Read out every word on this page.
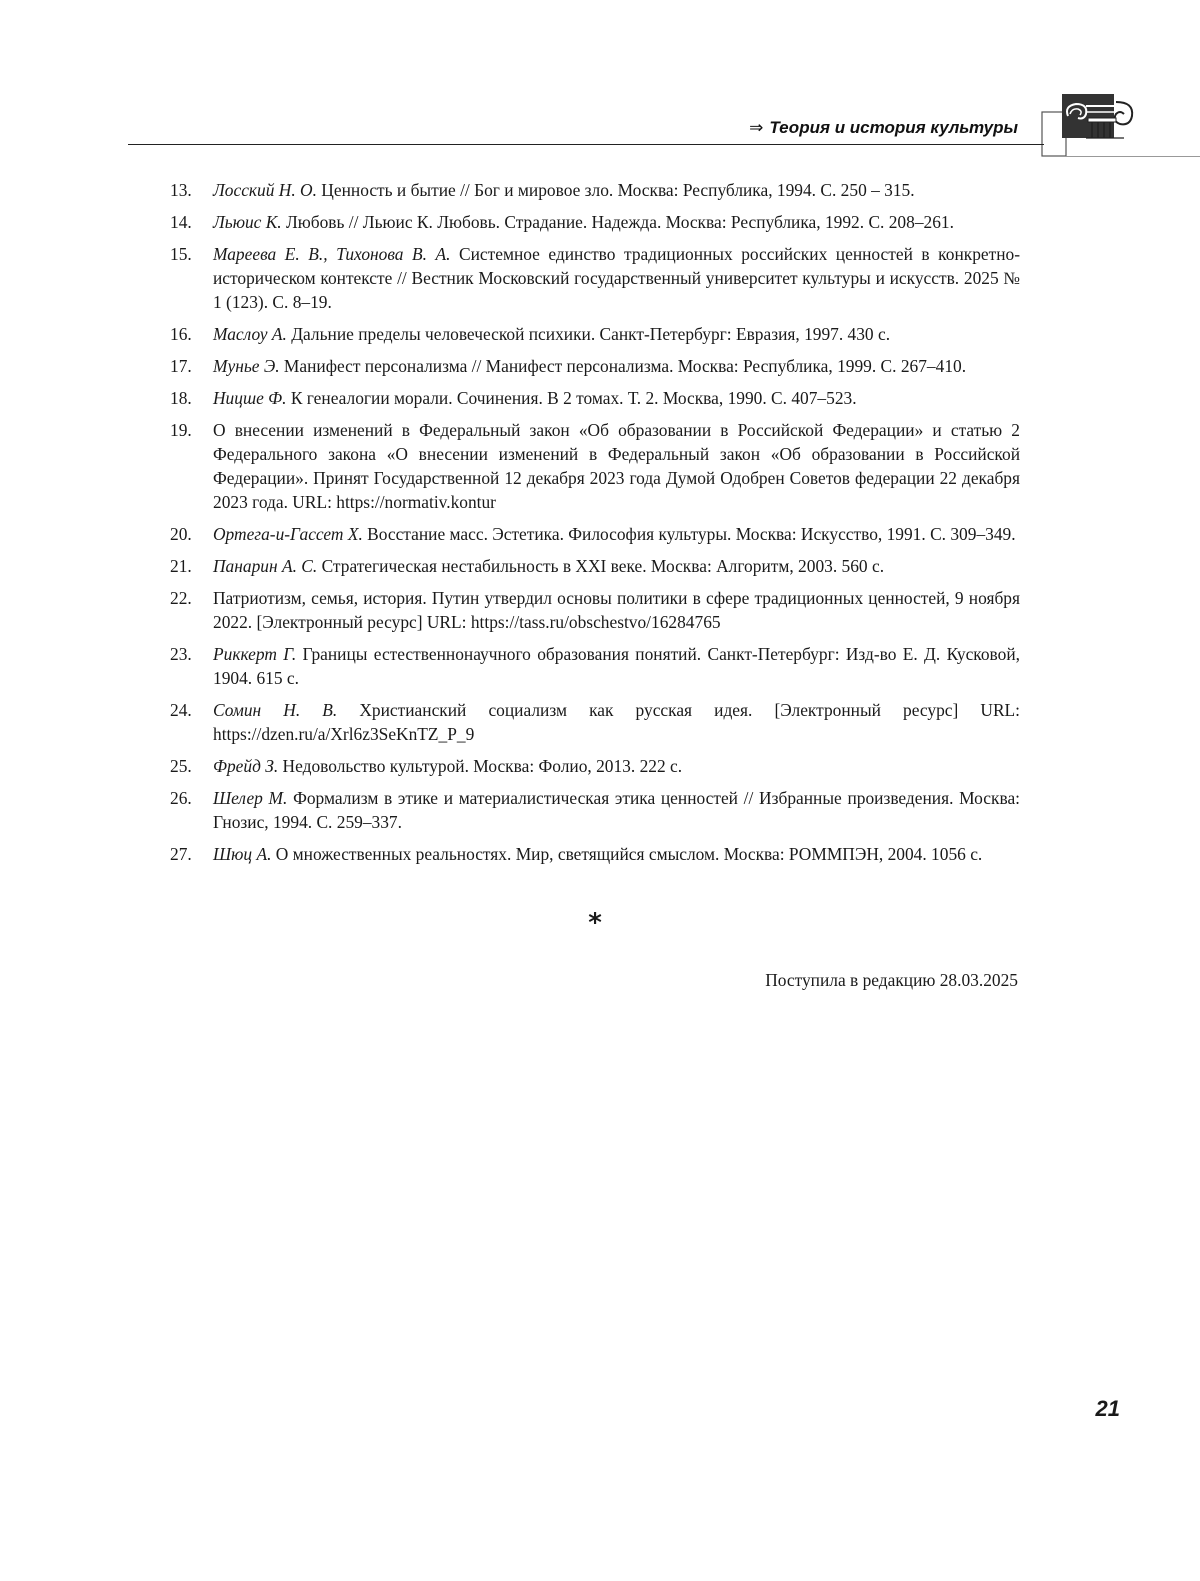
⇒ Теория и история культуры
13.	Лосский Н. О. Ценность и бытие // Бог и мировое зло. Москва: Республика, 1994. С. 250 – 315.
14.	Льюис К. Любовь // Льюис К. Любовь. Страдание. Надежда. Москва: Республика, 1992. С. 208–261.
15.	Мареева Е. В., Тихонова В. А. Системное единство традиционных российских ценностей в конкретно-историческом контексте // Вестник Московский государственный университет культуры и искусств. 2025 № 1 (123). С. 8–19.
16.	Маслоу А. Дальние пределы человеческой психики. Санкт-Петербург: Евразия, 1997. 430 с.
17.	Мунье Э. Манифест персонализма // Манифест персонализма. Москва: Республика, 1999. С. 267–410.
18.	Ницше Ф. К генеалогии морали. Сочинения. В 2 томах. Т. 2. Москва, 1990. С. 407–523.
19.	О внесении изменений в Федеральный закон «Об образовании в Российской Федерации» и статью 2 Федерального закона «О внесении изменений в Федеральный закон «Об образовании в Российской Федерации». Принят Государственной 12 декабря 2023 года Думой Одобрен Советов федерации 22 декабря 2023 года. URL: https://normativ.kontur
20.	Ортега-и-Гассет Х. Восстание масс. Эстетика. Философия культуры. Москва: Искусство, 1991. С. 309–349.
21.	Панарин А. С. Стратегическая нестабильность в XXI веке. Москва: Алгоритм, 2003. 560 с.
22.	Патриотизм, семья, история. Путин утвердил основы политики в сфере традиционных ценностей, 9 ноября 2022. [Электронный ресурс] URL: https://tass.ru/obschestvo/16284765
23.	Риккерт Г. Границы естественнонаучного образования понятий. Санкт-Петербург: Изд-во Е. Д. Кусковой, 1904. 615 с.
24.	Сомин Н. В. Христианский социализм как русская идея. [Электронный ресурс] URL: https://dzen.ru/a/Xrl6z3SeKnTZ_P_9
25.	Фрейд З. Недовольство культурой. Москва: Фолио, 2013. 222 с.
26.	Шелер М. Формализм в этике и материалистическая этика ценностей // Избранные произведения. Москва: Гнозис, 1994. С. 259–337.
27.	Шюц А. О множественных реальностях. Мир, светящийся смыслом. Москва: РОММПЭН, 2004. 1056 с.
*
Поступила в редакцию 28.03.2025
21
